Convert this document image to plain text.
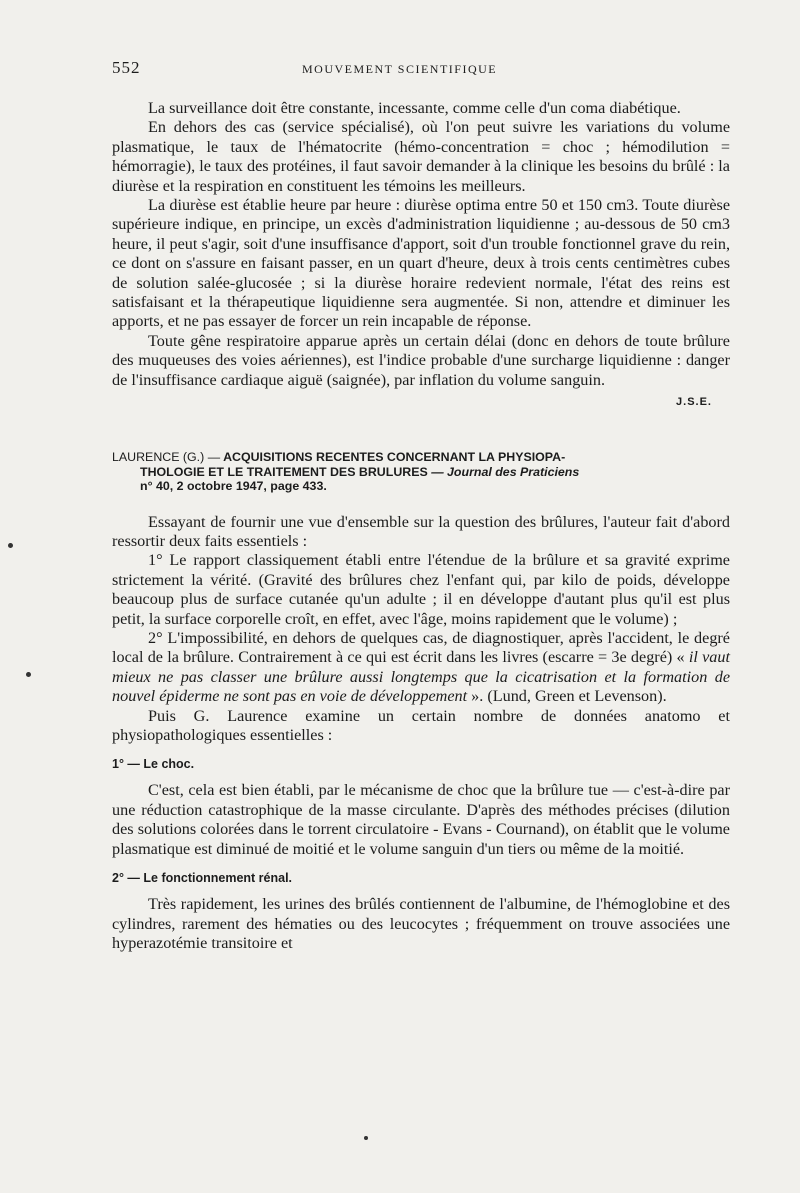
552	MOUVEMENT SCIENTIFIQUE

La surveillance doit être constante, incessante, comme celle d'un coma diabétique.

En dehors des cas (service spécialisé), où l'on peut suivre les variations du volume plasmatique, le taux de l'hématocrite (hémo-concentration = choc ; hémodilution = hémorragie), le taux des protéines, il faut savoir demander à la clinique les besoins du brûlé : la diurèse et la respiration en constituent les témoins les meilleurs.

La diurèse est établie heure par heure : diurèse optima entre 50 et 150 cm3. Toute diurèse supérieure indique, en principe, un excès d'administration liquidienne ; au-dessous de 50 cm3 heure, il peut s'agir, soit d'une insuffisance d'apport, soit d'un trouble fonctionnel grave du rein, ce dont on s'assure en faisant passer, en un quart d'heure, deux à trois cents centimètres cubes de solution salée-glucosée ; si la diurèse horaire redevient normale, l'état des reins est satisfaisant et la thérapeutique liquidienne sera augmentée. Si non, attendre et diminuer les apports, et ne pas essayer de forcer un rein incapable de réponse.

Toute gêne respiratoire apparue après un certain délai (donc en dehors de toute brûlure des muqueuses des voies aériennes), est l'indice probable d'une surcharge liquidienne : danger de l'insuffisance cardiaque aiguë (saignée), par inflation du volume sanguin.

J.S.E.
LAURENCE (G.) — ACQUISITIONS RECENTES CONCERNANT LA PHYSIOPA-
THOLOGIE ET LE TRAITEMENT DES BRULURES — Journal des Praticiens
n° 40, 2 octobre 1947, page 433.

Essayant de fournir une vue d'ensemble sur la question des brûlures, l'auteur fait d'abord ressortir deux faits essentiels :

1° Le rapport classiquement établi entre l'étendue de la brûlure et sa gravité exprime strictement la vérité. (Gravité des brûlures chez l'enfant qui, par kilo de poids, développe beaucoup plus de surface cutanée qu'un adulte ; il en développe d'autant plus qu'il est plus petit, la surface corporelle croît, en effet, avec l'âge, moins rapidement que le volume) ;

2° L'impossibilité, en dehors de quelques cas, de diagnostiquer, après l'accident, le degré local de la brûlure. Contrairement à ce qui est écrit dans les livres (escarre = 3e degré) « il vaut mieux ne pas classer une brûlure aussi longtemps que la cicatrisation et la formation de nouvel épiderme ne sont pas en voie de développement ». (Lund, Green et Levenson).

Puis G. Laurence examine un certain nombre de données anatomo et physiopathologiques essentielles :

1° — Le choc.

C'est, cela est bien établi, par le mécanisme de choc que la brûlure tue — c'est-à-dire par une réduction catastrophique de la masse circulante. D'après des méthodes précises (dilution des solutions colorées dans le torrent circulatoire - Evans - Cournand), on établit que le volume plasmatique est diminué de moitié et le volume sanguin d'un tiers ou même de la moitié.

2° — Le fonctionnement rénal.

Très rapidement, les urines des brûlés contiennent de l'albumine, de l'hémoglobine et des cylindres, rarement des hématies ou des leucocytes ; fréquemment on trouve associées une hyperazotémie transitoire et
